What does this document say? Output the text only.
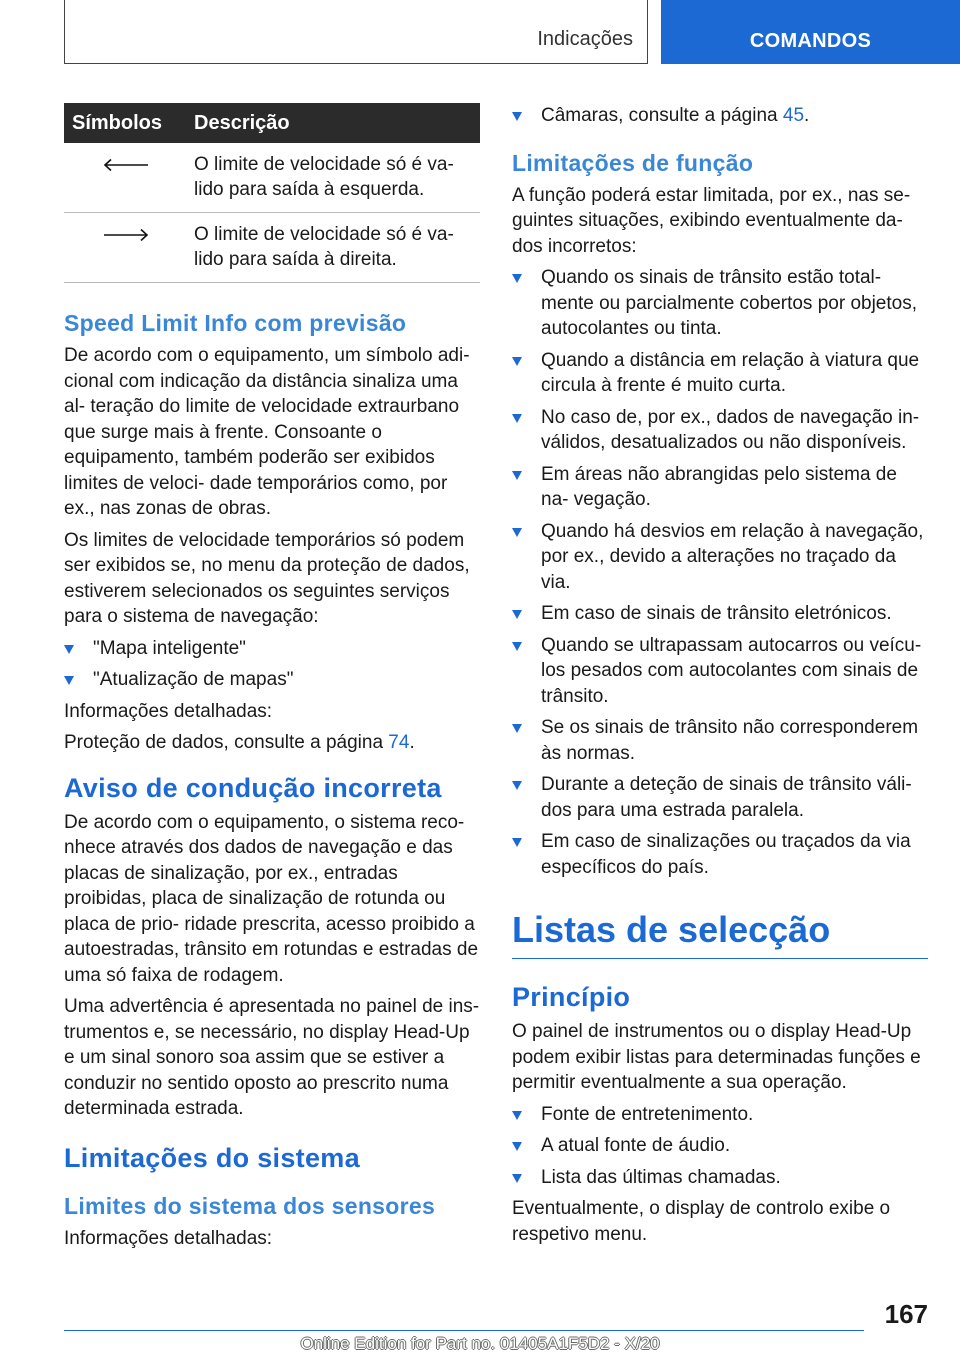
Indicações	COMANDOS
Símbolos	Descrição
	O limite de velocidade só é va- lido para saída à esquerda.
	O limite de velocidade só é va- lido para saída à direita.
Speed Limit Info com previsão

De acordo com o equipamento, um símbolo adi- cional com indicação da distância sinaliza uma al- teração do limite de velocidade extraurbano que surge mais à frente. Consoante o equipamento, também poderão ser exibidos limites de veloci- dade temporários como, por ex., nas zonas de obras.

Os limites de velocidade temporários só podem ser exibidos se, no menu da proteção de dados, estiverem selecionados os seguintes serviços para o sistema de navegação:

"Mapa inteligente"
"Atualização de mapas"

Informações detalhadas:

Proteção de dados, consulte a página 74.

Aviso de condução incorreta

De acordo com o equipamento, o sistema reco- nhece através dos dados de navegação e das placas de sinalização, por ex., entradas proibidas, placa de sinalização de rotunda ou placa de prio- ridade prescrita, acesso proibido a autoestradas, trânsito em rotundas e estradas de uma só faixa de rodagem.

Uma advertência é apresentada no painel de ins- trumentos e, se necessário, no display Head-Up e um sinal sonoro soa assim que se estiver a conduzir no sentido oposto ao prescrito numa determinada estrada.

Limitações do sistema
Limites do sistema dos sensores

Informações detalhadas:

Câmaras, consulte a página 45.
Limitações de função

A função poderá estar limitada, por ex., nas se- guintes situações, exibindo eventualmente da- dos incorretos:

Quando os sinais de trânsito estão total- mente ou parcialmente cobertos por objetos, autocolantes ou tinta.
Quando a distância em relação à viatura que circula à frente é muito curta.
No caso de, por ex., dados de navegação in- válidos, desatualizados ou não disponíveis.
Em áreas não abrangidas pelo sistema de na- vegação.
Quando há desvios em relação à navegação, por ex., devido a alterações no traçado da via.
Em caso de sinais de trânsito eletrónicos.
Quando se ultrapassam autocarros ou veícu- los pesados com autocolantes com sinais de trânsito.
Se os sinais de trânsito não corresponderem às normas.
Durante a deteção de sinais de trânsito váli- dos para uma estrada paralela.
Em caso de sinalizações ou traçados da via específicos do país.
Listas de selecção
Princípio

O painel de instrumentos ou o display Head-Up podem exibir listas para determinadas funções e permitir eventualmente a sua operação.

Fonte de entretenimento.
A atual fonte de áudio.
Lista das últimas chamadas.

Eventualmente, o display de controlo exibe o respetivo menu.

167
Online Edition for Part no. 01405A1F5D2 - X/20
